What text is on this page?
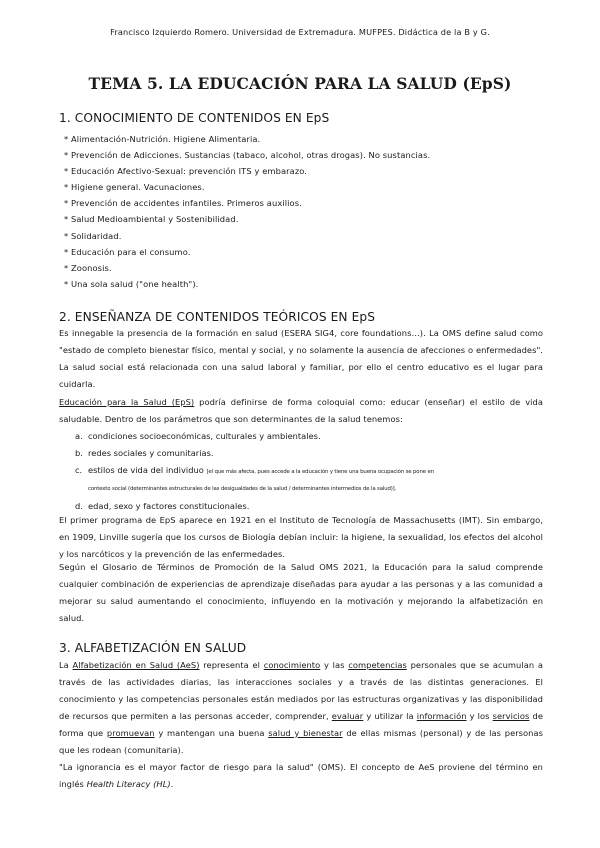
Francisco Izquierdo Romero. Universidad de Extremadura. MUFPES. Didáctica de la B y G.
TEMA 5. LA EDUCACIÓN PARA LA SALUD (EpS)
1. CONOCIMIENTO DE CONTENIDOS EN EpS
* Alimentación-Nutrición. Higiene Alimentaria.
* Prevención de Adicciones. Sustancias (tabaco, alcohol, otras drogas). No sustancias.
* Educación Afectivo-Sexual: prevención ITS y embarazo.
* Higiene general. Vacunaciones.
* Prevención de accidentes infantiles. Primeros auxilios.
* Salud Medioambiental y Sostenibilidad.
* Solidaridad.
* Educación para el consumo.
* Zoonosis.
* Una sola salud ("one health").
2. ENSEÑANZA DE CONTENIDOS TEÓRICOS EN EpS

Es innegable la presencia de la formación en salud (ESERA SIG4, core foundations…). La OMS define salud como "estado de completo bienestar físico, mental y social, y no solamente la ausencia de afecciones o enfermedades". La salud social está relacionada con una salud laboral y familiar, por ello el centro educativo es el lugar para cuidarla.

Educación para la Salud (EpS) podría definirse de forma coloquial como: educar (enseñar) el estilo de vida saludable. Dentro de los parámetros que son determinantes de la salud tenemos:

a. condiciones socioeconómicas, culturales y ambientales.
b. redes sociales y comunitarias.
c. estilos de vida del individuo [el que más afecta, pues accede a la educación y tiene una buena ocupación se pone en
contexto social (determinantes estructurales de las desigualdades de la salud / determinantes intermedios de la salud)].
d. edad, sexo y factores constitucionales.

El primer programa de EpS aparece en 1921 en el Instituto de Tecnología de Massachusetts (IMT). Sin embargo, en 1909, Linville sugería que los cursos de Biología debían incluir: la higiene, la sexualidad, los efectos del alcohol y los narcóticos y la prevención de las enfermedades.

Según el Glosario de Términos de Promoción de la Salud OMS 2021, la Educación para la salud comprende cualquier combinación de experiencias de aprendizaje diseñadas para ayudar a las personas y a las comunidad a mejorar su salud aumentando el conocimiento, influyendo en la motivación y mejorando la alfabetización en salud.

3. ALFABETIZACIÓN EN SALUD

La Alfabetización en Salud (AeS) representa el conocimiento y las competencias personales que se acumulan a través de las actividades diarias, las interacciones sociales y a través de las distintas generaciones. El conocimiento y las competencias personales están mediados por las estructuras organizativas y las disponibilidad de recursos que permiten a las personas acceder, comprender, evaluar y utilizar la información y los servicios de forma que promuevan y mantengan una buena salud y bienestar de ellas mismas (personal) y de las personas que les rodean (comunitaria).

"La ignorancia es el mayor factor de riesgo para la salud" (OMS). El concepto de AeS proviene del término en inglés Health Literacy (HL).
